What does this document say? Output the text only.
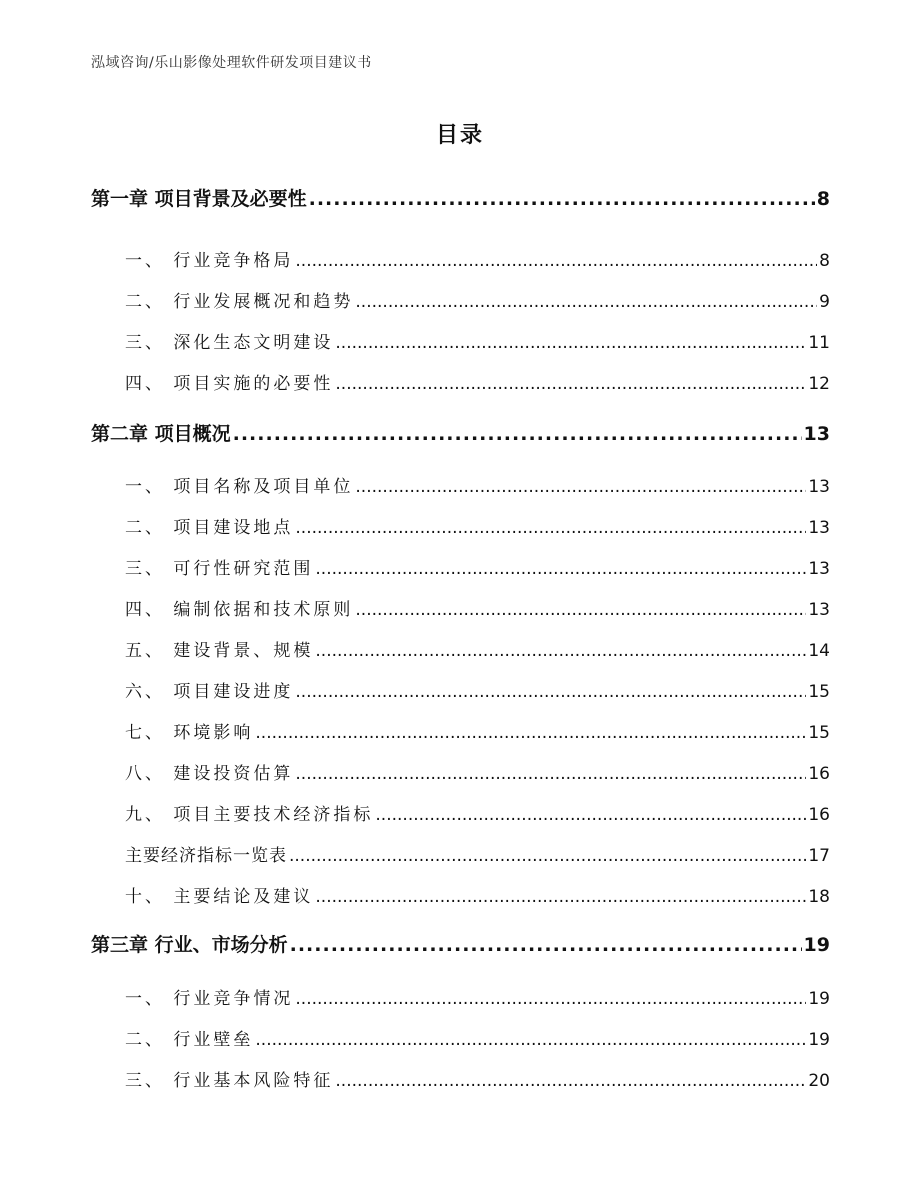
泓域咨询/乐山影像处理软件研发项目建议书
目录
第一章 项目背景及必要性 .....	8
一、 行业竞争格局 .....	8
二、 行业发展概况和趋势 .....	9
三、 深化生态文明建设 .....	11
四、 项目实施的必要性 .....	12
第二章 项目概况 .....	13
一、 项目名称及项目单位 .....	13
二、 项目建设地点 .....	13
三、 可行性研究范围 .....	13
四、 编制依据和技术原则 .....	13
五、 建设背景、规模 .....	14
六、 项目建设进度 .....	15
七、 环境影响 .....	15
八、 建设投资估算 .....	16
九、 项目主要技术经济指标 .....	16
主要经济指标一览表 .....	17
十、 主要结论及建议 .....	18
第三章 行业、市场分析 .....	19
一、 行业竞争情况 .....	19
二、 行业壁垒 .....	19
三、 行业基本风险特征 .....	20
